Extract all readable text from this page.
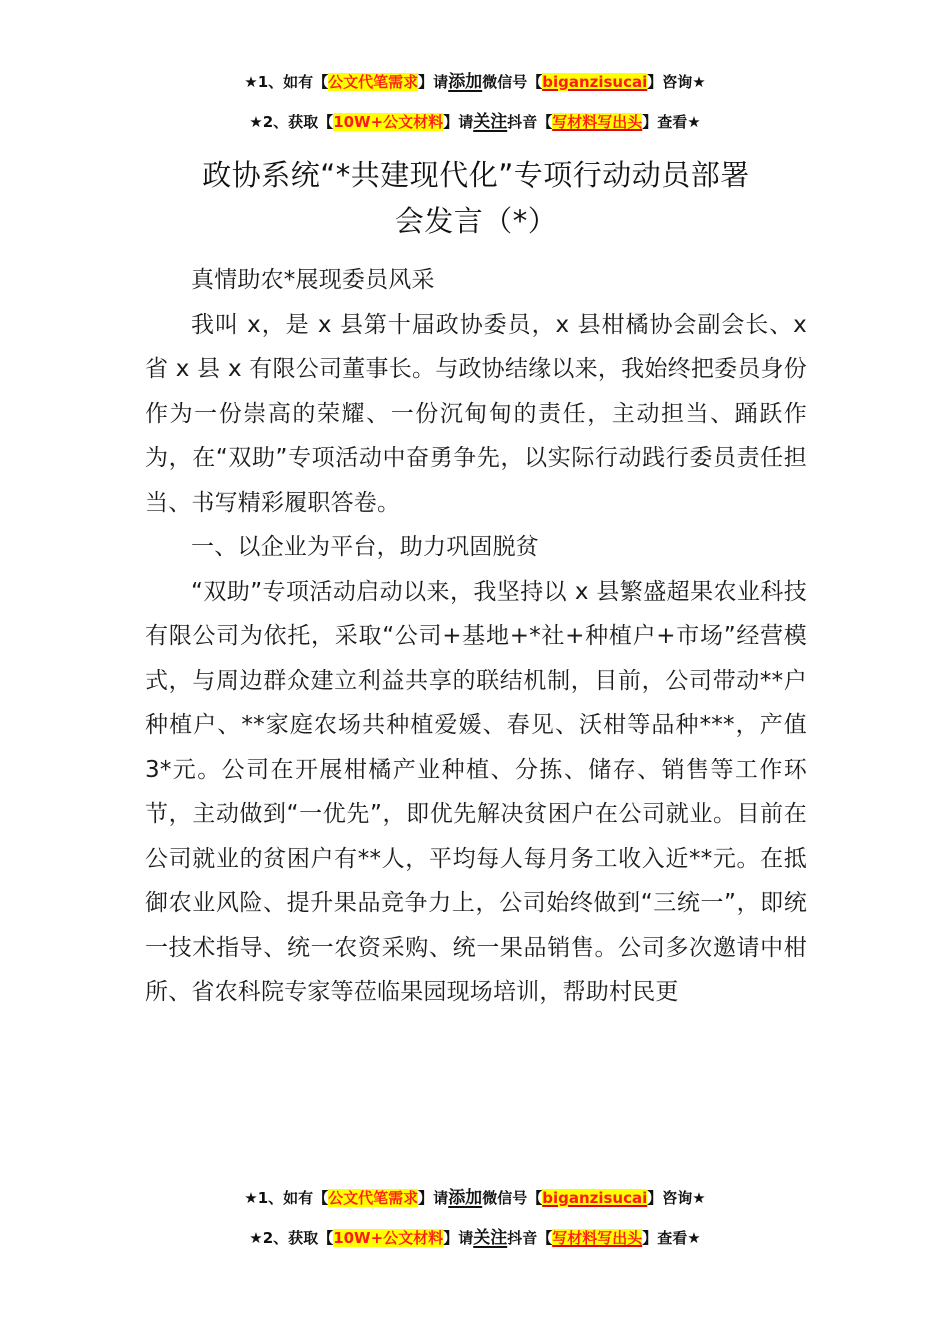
★1、如有【公文代笔需求】请添加微信号【biganzisucai】咨询★
★2、获取【10W+公文材料】请关注抖音【写材料写出头】查看★
政协系统“*共建现代化”专项行动动员部署
会发言（*）

真情助农*展现委员风采

我叫 x，是 x 县第十届政协委员，x 县柑橘协会副会长、x 省 x 县 x 有限公司董事长。与政协结缘以来，我始终把委员身份作为一份崇高的荣耀、一份沉甸甸的责任，主动担当、踊跃作为，在“双助”专项活动中奋勇争先，以实际行动践行委员责任担当、书写精彩履职答卷。

一、以企业为平台，助力巩固脱贫

“双助”专项活动启动以来，我坚持以 x 县繁盛超果农业科技有限公司为依托，采取“公司+基地+*社+种植户+市场”经营模式，与周边群众建立利益共享的联结机制，目前，公司带动**户种植户、**家庭农场共种植爱媛、春见、沃柑等品种***，产值 3*元。公司在开展柑橘产业种植、分拣、储存、销售等工作环节，主动做到“一优先”，即优先解决贫困户在公司就业。目前在公司就业的贫困户有**人，平均每人每月务工收入近**元。在抵御农业风险、提升果品竞争力上，公司始终做到“三统一”，即统一技术指导、统一农资采购、统一果品销售。公司多次邀请中柑所、省农科院专家等莅临果园现场培训，帮助村民更

★1、如有【公文代笔需求】请添加微信号【biganzisucai】咨询★
★2、获取【10W+公文材料】请关注抖音【写材料写出头】查看★
